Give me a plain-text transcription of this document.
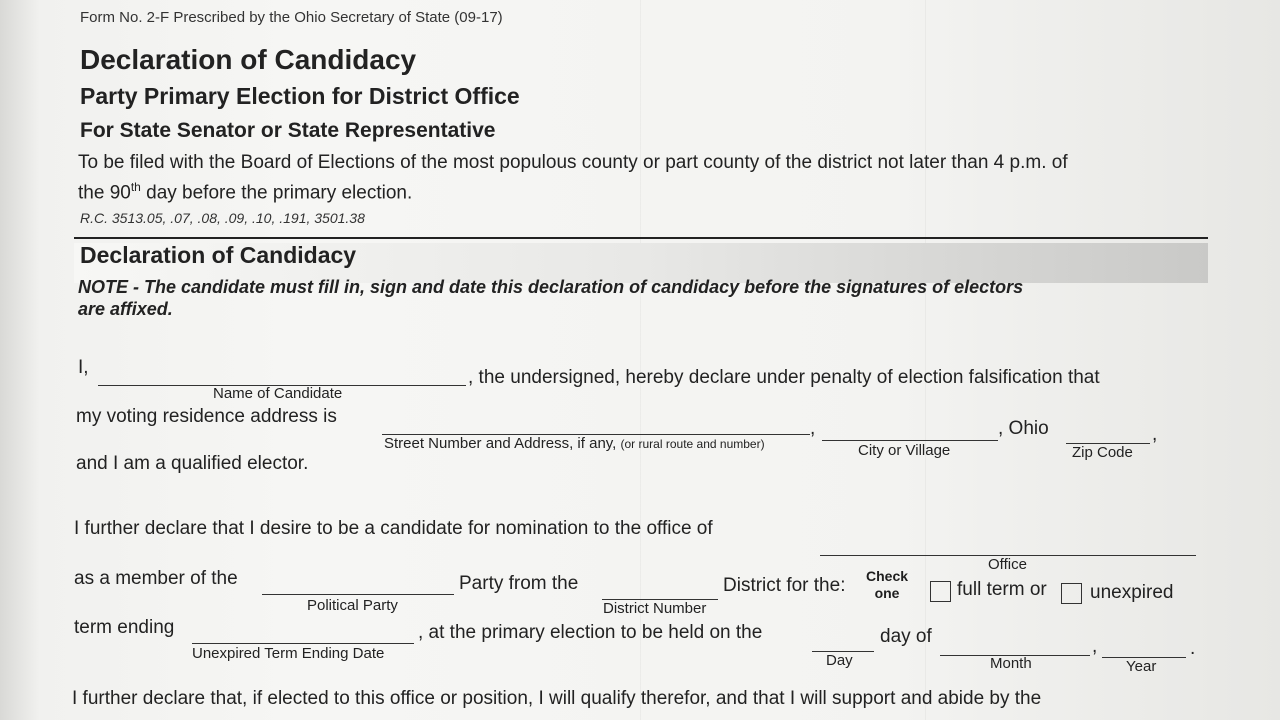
Form No. 2-F Prescribed by the Ohio Secretary of State (09-17)
Declaration of Candidacy
Party Primary Election for District Office
For State Senator or State Representative
To be filed with the Board of Elections of the most populous county or part county of the district not later than 4 p.m. of
the 90th day before the primary election.
R.C. 3513.05, .07, .08, .09, .10, .191, 3501.38
Declaration of Candidacy
NOTE - The candidate must fill in, sign and date this declaration of candidacy before the signatures of electors
are affixed.
I,
Name of Candidate
, the undersigned, hereby declare under penalty of election falsification that
my voting residence address is
Street Number and Address, if any, (or rural route and number)
,
City or Village
, Ohio	,
Zip Code
and I am a qualified elector.
I further declare that I desire to be a candidate for nomination to the office of
Office
as a member of the
Political Party
Party from the
District Number
District for the: Check
one	full term or unexpired
term ending
Unexpired Term Ending Date
, at the primary election to be held on the
Day
day of
Month
,	.
Year
I further declare that, if elected to this office or position, I will qualify therefor, and that I will support and abide by the
